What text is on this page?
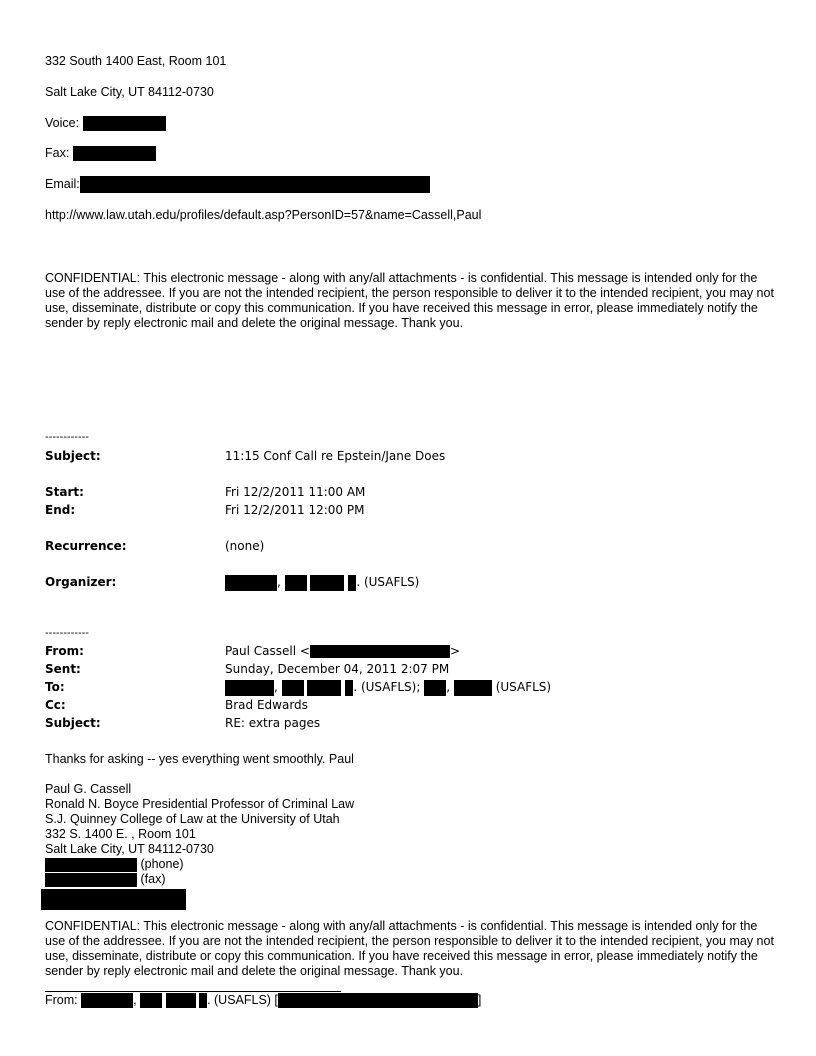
332 South 1400 East, Room 101
Salt Lake City, UT 84112-0730
Voice:
Fax:
Email:
http://www.law.utah.edu/profiles/default.asp?PersonID=57&name=Cassell,Paul
CONFIDENTIAL: This electronic message - along with any/all attachments - is confidential. This message is intended only for the use of the addressee. If you are not the intended recipient, the person responsible to deliver it to the intended recipient, you may not use, disseminate, distribute or copy this communication. If you have received this message in error, please immediately notify the sender by reply electronic mail and delete the original message. Thank you.
------------
Subject:	11:15 Conf Call re Epstein/Jane Does
Start:	Fri 12/2/2011 11:00 AM
End:	Fri 12/2/2011 12:00 PM
Recurrence:	(none)
Organizer:	,	. (USAFLS)
------------
From:	Paul Cassell <	>
Sent:	Sunday, December 04, 2011 2:07 PM
To:	,	. (USAFLS); ,	(USAFLS)
Cc:	Brad Edwards
Subject:	RE: extra pages
Thanks for asking -- yes everything went smoothly. Paul
Paul G. Cassell
Ronald N. Boyce Presidential Professor of Criminal Law
S.J. Quinney College of Law at the University of Utah
332 S. 1400 E. , Room 101
Salt Lake City, UT 84112-0730
(phone)
(fax)
CONFIDENTIAL: This electronic message - along with any/all attachments - is confidential. This message is intended only for the use of the addressee. If you are not the intended recipient, the person responsible to deliver it to the intended recipient, you may not use, disseminate, distribute or copy this communication. If you have received this message in error, please immediately notify the sender by reply electronic mail and delete the original message. Thank you.
From:	,	. (USAFLS) [	]
